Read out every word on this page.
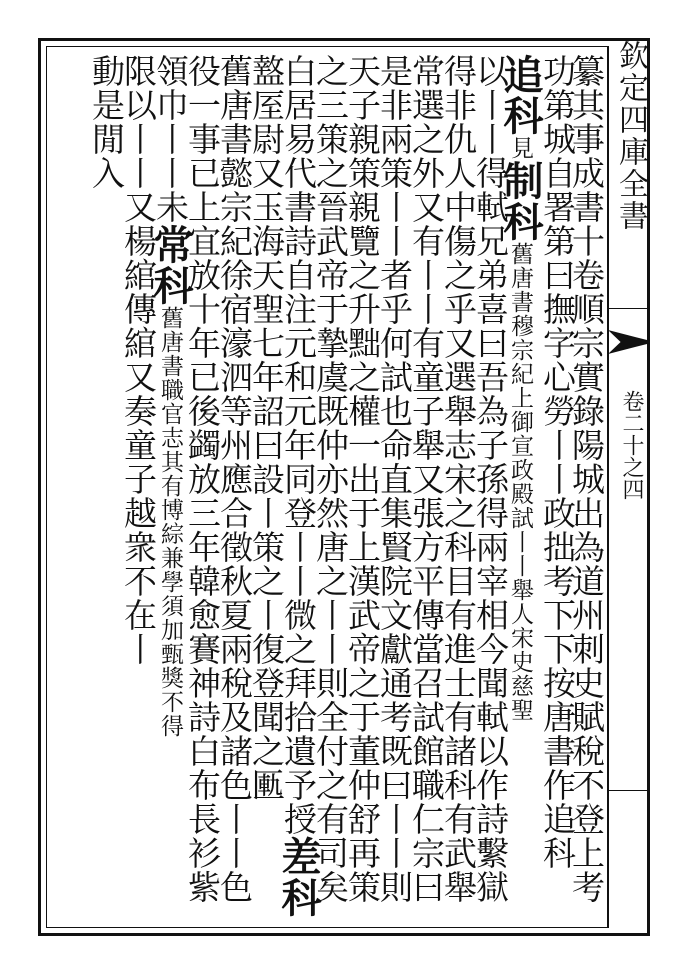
欽定四庫全書
卷二十之四
纂其事成書十卷順宗實錄陽城出為道州刺史賦稅不登上考
功第城自署第曰撫字心勞丨丨政拙考下下按唐書作追科
追科見制科舊唐書穆宗紀上御宣政殿試丨丨舉人宋史慈聖
以丨丨得軾兄弟喜曰吾為子孫得兩宰相今聞軾以作詩繫獄
得非仇人中傷之乎又選舉志宋之科目有進士有諸科有武舉
常選之外又有丨丨有童子舉又張方平傳當召試館職仁宗曰
是非兩策丨丨者乎何試也命直集賢院文獻通考既曰丨丨則
天子親策親覽之升黜之權一出于上漢武帝之于董仲舒再策
之三策之晉武帝于摯虞既仲亦然唐之丨丨則全付之有司矣
白居易代書詩自注元和元年同登丨丨微之拜拾遺予授差科
盩厔尉又玉海天聖七年詔曰設丨策之丨復登聞之匭
舊唐書懿宗紀徐宿濠泗等州應合徵秋夏兩稅及諸色丨丨色
役一事已上宜放十年已後蠲放三年韓愈賽神詩白布長衫紫
領巾丨丨未常科舊唐書職官志其有博綜兼學須加甄獎不得
限以丨丨又楊綰傳綰又奏童子越衆不在丨
動是閒入
